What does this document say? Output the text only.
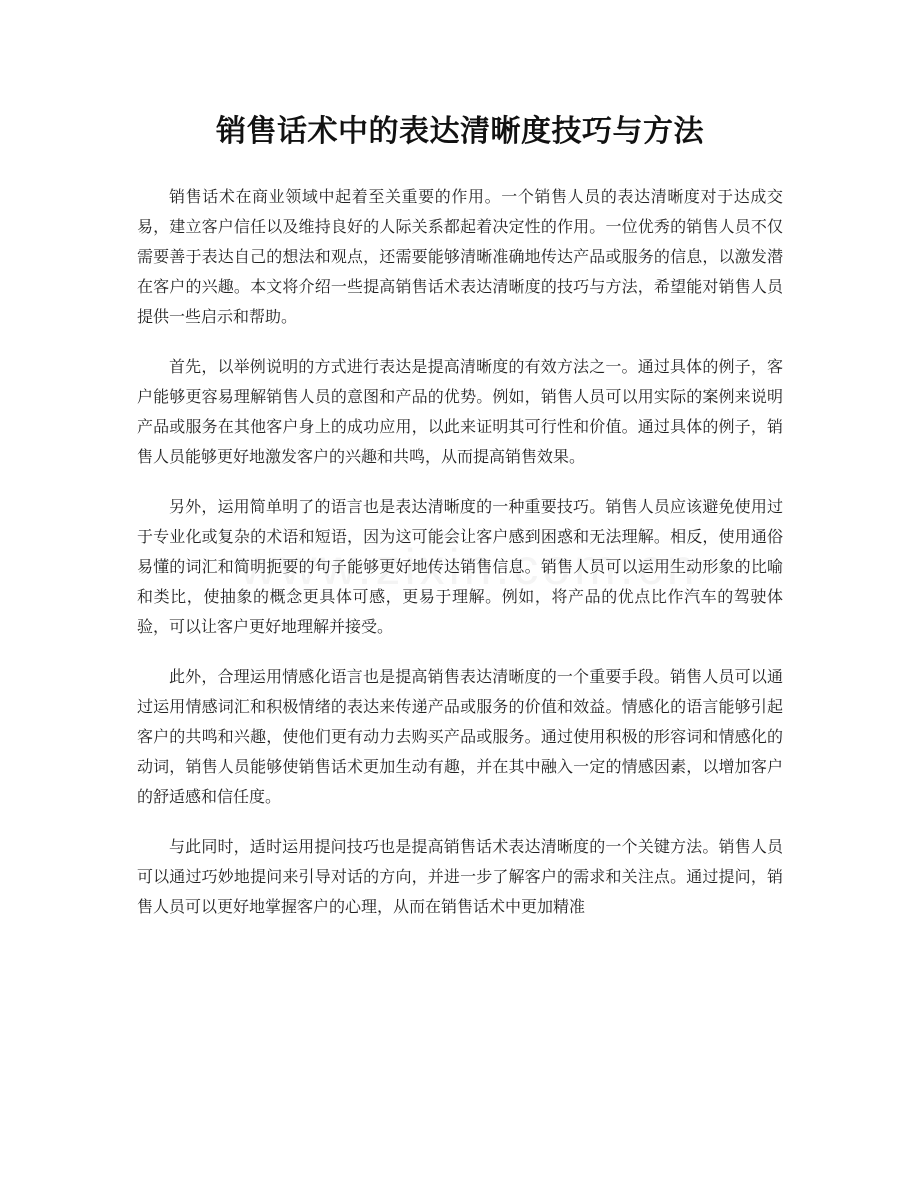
销售话术中的表达清晰度技巧与方法

销售话术在商业领域中起着至关重要的作用。一个销售人员的表达清晰度对于达成交易，建立客户信任以及维持良好的人际关系都起着决定性的作用。一位优秀的销售人员不仅需要善于表达自己的想法和观点，还需要能够清晰准确地传达产品或服务的信息，以激发潜在客户的兴趣。本文将介绍一些提高销售话术表达清晰度的技巧与方法，希望能对销售人员提供一些启示和帮助。

首先，以举例说明的方式进行表达是提高清晰度的有效方法之一。通过具体的例子，客户能够更容易理解销售人员的意图和产品的优势。例如，销售人员可以用实际的案例来说明产品或服务在其他客户身上的成功应用，以此来证明其可行性和价值。通过具体的例子，销售人员能够更好地激发客户的兴趣和共鸣，从而提高销售效果。

另外，运用简单明了的语言也是表达清晰度的一种重要技巧。销售人员应该避免使用过于专业化或复杂的术语和短语，因为这可能会让客户感到困惑和无法理解。相反，使用通俗易懂的词汇和简明扼要的句子能够更好地传达销售信息。销售人员可以运用生动形象的比喻和类比，使抽象的概念更具体可感，更易于理解。例如，将产品的优点比作汽车的驾驶体验，可以让客户更好地理解并接受。

此外，合理运用情感化语言也是提高销售表达清晰度的一个重要手段。销售人员可以通过运用情感词汇和积极情绪的表达来传递产品或服务的价值和效益。情感化的语言能够引起客户的共鸣和兴趣，使他们更有动力去购买产品或服务。通过使用积极的形容词和情感化的动词，销售人员能够使销售话术更加生动有趣，并在其中融入一定的情感因素，以增加客户的舒适感和信任度。

与此同时，适时运用提问技巧也是提高销售话术表达清晰度的一个关键方法。销售人员可以通过巧妙地提问来引导对话的方向，并进一步了解客户的需求和关注点。通过提问，销售人员可以更好地掌握客户的心理，从而在销售话术中更加精准
